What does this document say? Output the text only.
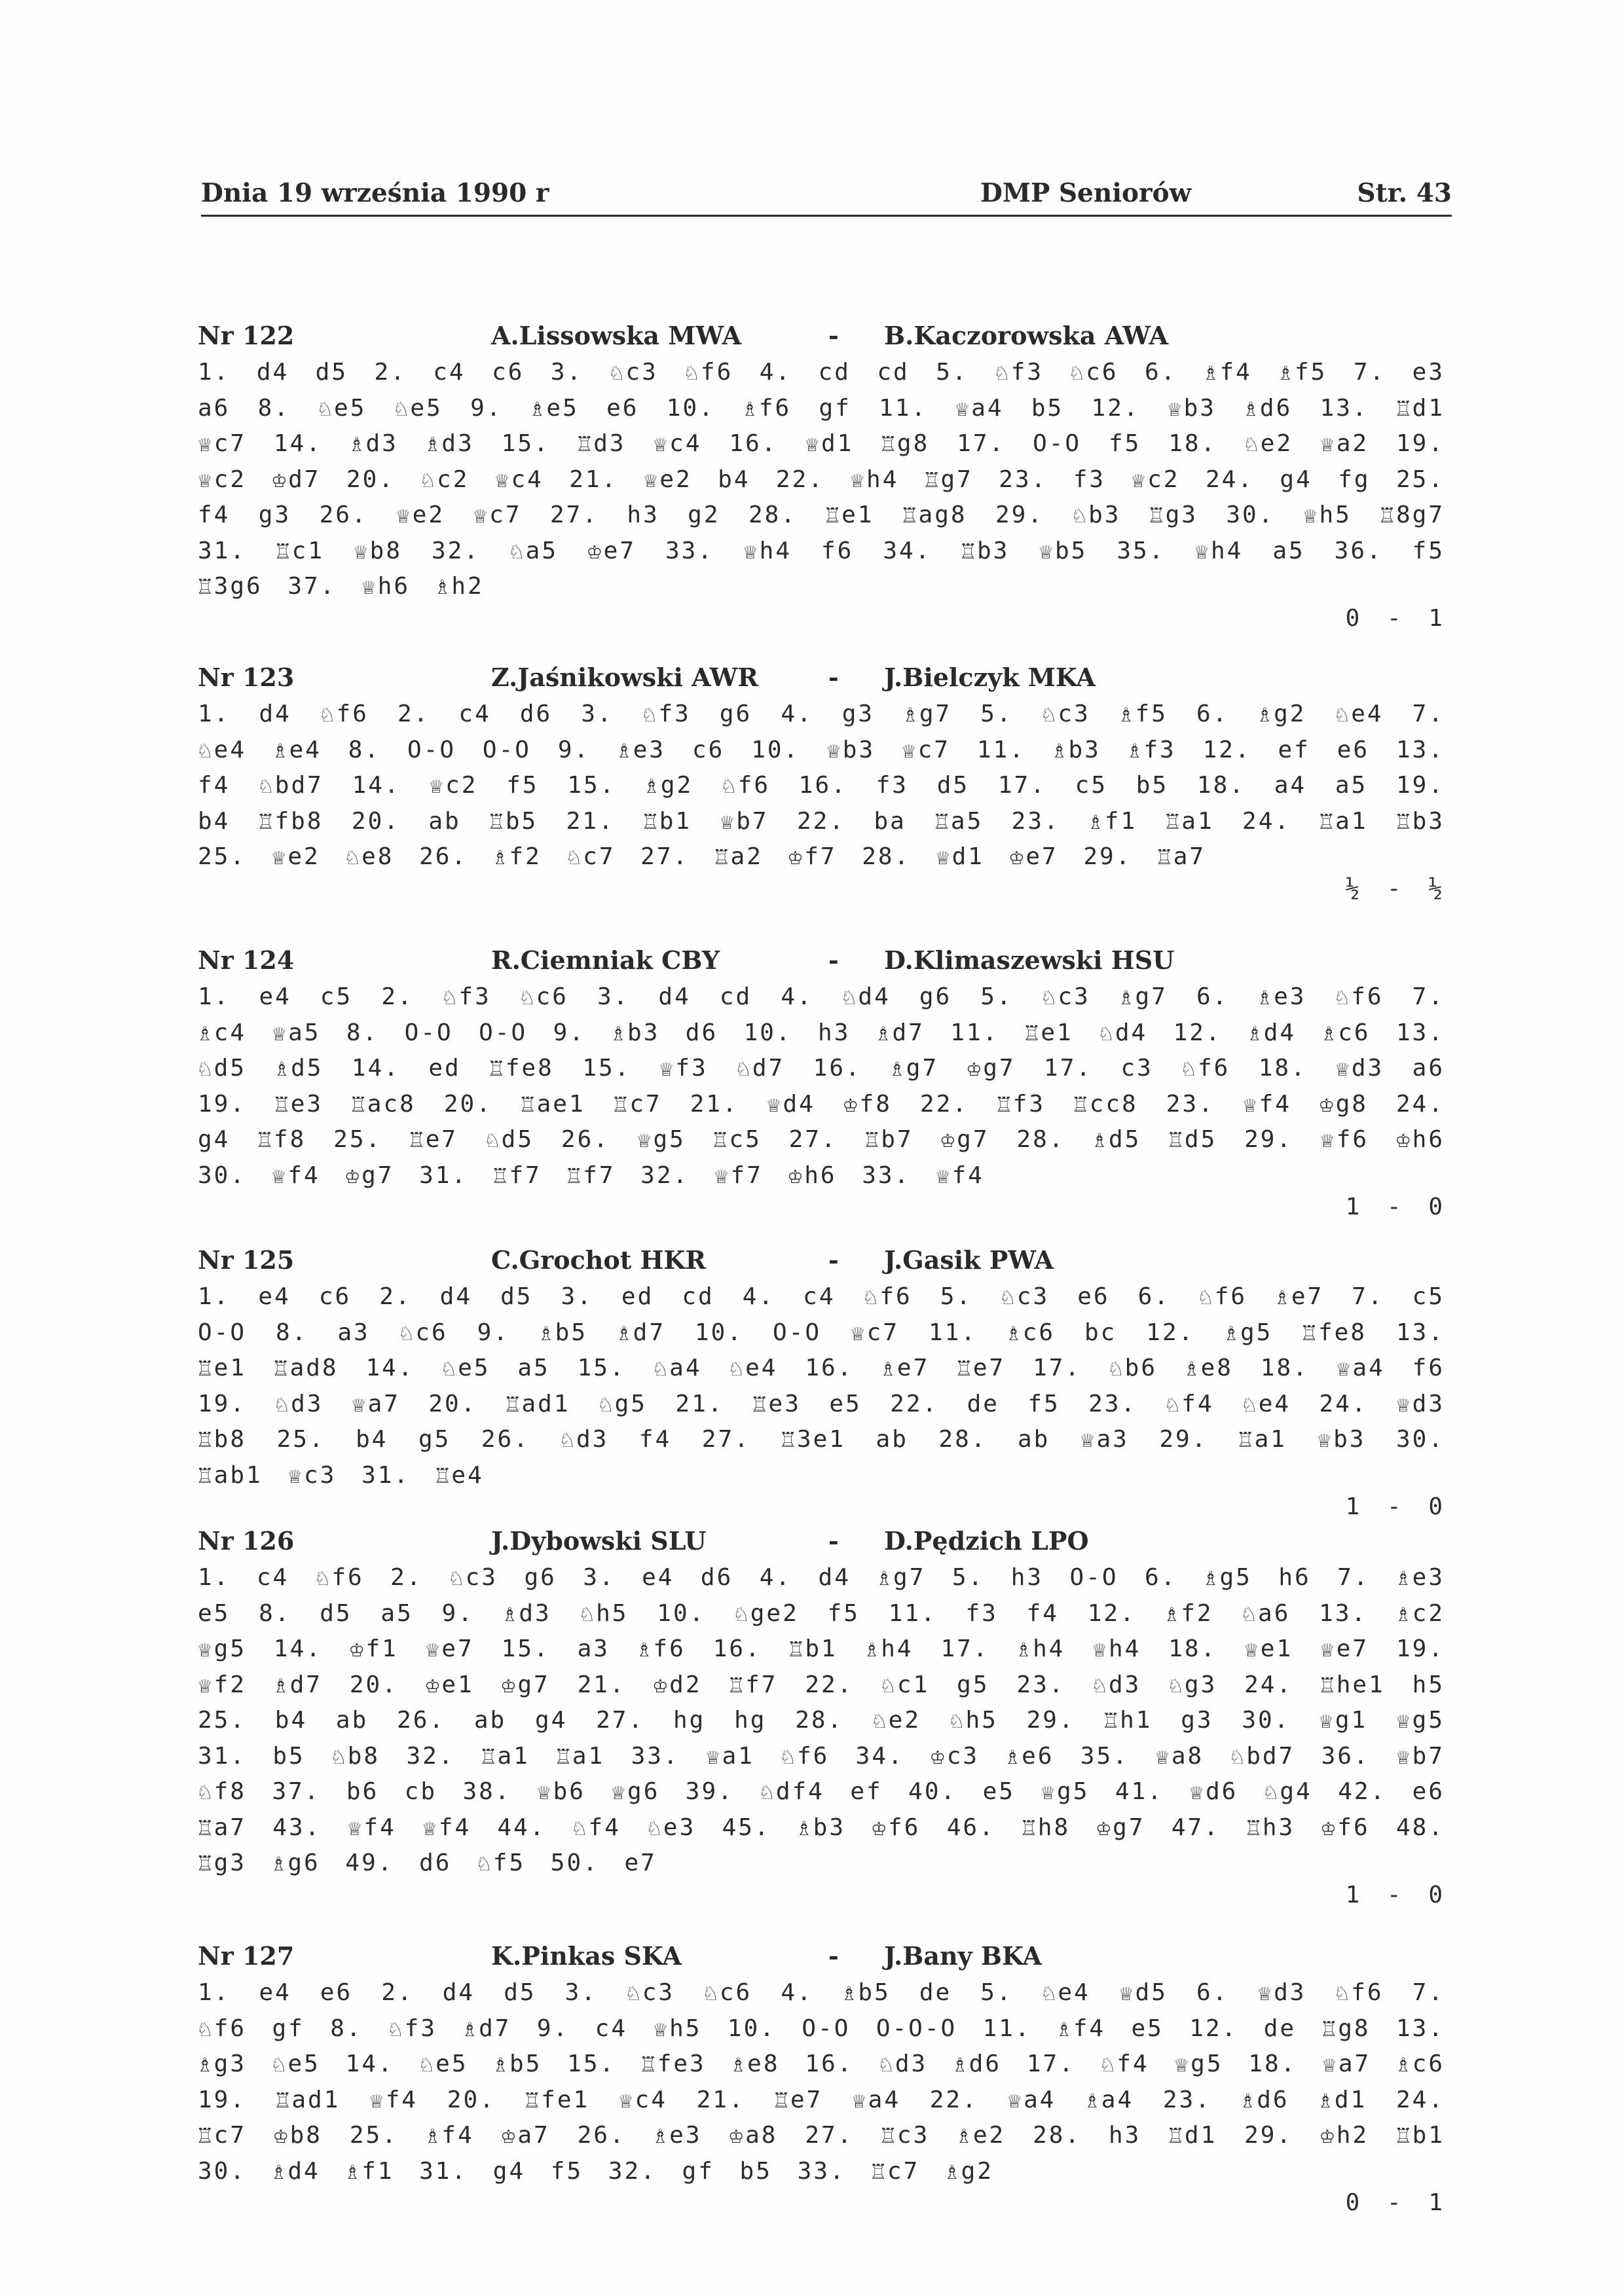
Dnia 19 września 1990 r	DMP Seniorów	Str. 43
Nr 122	A.Lissowska MWA	- B.Kaczorowska AWA
1. d4 d5 2. c4 c6 3. ♘c3 ♘f6 4. cd cd 5. ♘f3 ♘c6 6. ♗f4 ♗f5 7. e3 a6 8. ♘e5 ♘e5 9. ♗e5 e6 10. ♗f6 gf 11. ♕a4 b5 12. ♕b3 ♗d6 13. ♖d1 ♕c7 14. ♗d3 ♗d3 15. ♖d3 ♕c4 16. ♕d1 ♖g8 17. O-O f5 18. ♘e2 ♕a2 19. ♕c2 ♔d7 20. ♘c2 ♕c4 21. ♕e2 b4 22. ♕h4 ♖g7 23. f3 ♕c2 24. g4 fg 25. f4 g3 26. ♕e2 ♕c7 27. h3 g2 28. ♖e1 ♖ag8 29. ♘b3 ♖g3 30. ♕h5 ♖8g7 31. ♖c1 ♕b8 32. ♘a5 ♔e7 33. ♕h4 f6 34. ♖b3 ♕b5 35. ♕h4 a5 36. f5 ♖3g6 37. ♕h6 ♗h2
0 - 1
Nr 123	Z.Jaśnikowski AWR	- J.Bielczyk MKA
1. d4 ♘f6 2. c4 d6 3. ♘f3 g6 4. g3 ♗g7 5. ♘c3 ♗f5 6. ♗g2 ♘e4 7. ♘e4 ♗e4 8. O-O O-O 9. ♗e3 c6 10. ♕b3 ♕c7 11. ♗b3 ♗f3 12. ef e6 13. f4 ♘bd7 14. ♕c2 f5 15. ♗g2 ♘f6 16. f3 d5 17. c5 b5 18. a4 a5 19. b4 ♖fb8 20. ab ♖b5 21. ♖b1 ♕b7 22. ba ♖a5 23. ♗f1 ♖a1 24. ♖a1 ♖b3 25. ♕e2 ♘e8 26. ♗f2 ♘c7 27. ♖a2 ♔f7 28. ♕d1 ♔e7 29. ♖a7
½ - ½
Nr 124	R.Ciemniak CBY	- D.Klimaszewski HSU
1. e4 c5 2. ♘f3 ♘c6 3. d4 cd 4. ♘d4 g6 5. ♘c3 ♗g7 6. ♗e3 ♘f6 7. ♗c4 ♕a5 8. O-O O-O 9. ♗b3 d6 10. h3 ♗d7 11. ♖e1 ♘d4 12. ♗d4 ♗c6 13. ♘d5 ♗d5 14. ed ♖fe8 15. ♕f3 ♘d7 16. ♗g7 ♔g7 17. c3 ♘f6 18. ♕d3 a6 19. ♖e3 ♖ac8 20. ♖ae1 ♖c7 21. ♕d4 ♔f8 22. ♖f3 ♖cc8 23. ♕f4 ♔g8 24. g4 ♖f8 25. ♖e7 ♘d5 26. ♕g5 ♖c5 27. ♖b7 ♔g7 28. ♗d5 ♖d5 29. ♕f6 ♔h6 30. ♕f4 ♔g7 31. ♖f7 ♖f7 32. ♕f7 ♔h6 33. ♕f4
1 - 0
Nr 125	C.Grochot HKR	- J.Gasik PWA
1. e4 c6 2. d4 d5 3. ed cd 4. c4 ♘f6 5. ♘c3 e6 6. ♘f6 ♗e7 7. c5 O-O 8. a3 ♘c6 9. ♗b5 ♗d7 10. O-O ♕c7 11. ♗c6 bc 12. ♗g5 ♖fe8 13. ♖e1 ♖ad8 14. ♘e5 a5 15. ♘a4 ♘e4 16. ♗e7 ♖e7 17. ♘b6 ♗e8 18. ♕a4 f6 19. ♘d3 ♕a7 20. ♖ad1 ♘g5 21. ♖e3 e5 22. de f5 23. ♘f4 ♘e4 24. ♕d3 ♖b8 25. b4 g5 26. ♘d3 f4 27. ♖3e1 ab 28. ab ♕a3 29. ♖a1 ♕b3 30. ♖ab1 ♕c3 31. ♖e4
1 - 0
Nr 126	J.Dybowski SLU	- D.Pędzich LPO
1. c4 ♘f6 2. ♘c3 g6 3. e4 d6 4. d4 ♗g7 5. h3 O-O 6. ♗g5 h6 7. ♗e3 e5 8. d5 a5 9. ♗d3 ♘h5 10. ♘ge2 f5 11. f3 f4 12. ♗f2 ♘a6 13. ♗c2 ♕g5 14. ♔f1 ♕e7 15. a3 ♗f6 16. ♖b1 ♗h4 17. ♗h4 ♕h4 18. ♕e1 ♕e7 19. ♕f2 ♗d7 20. ♔e1 ♔g7 21. ♔d2 ♖f7 22. ♘c1 g5 23. ♘d3 ♘g3 24. ♖he1 h5 25. b4 ab 26. ab g4 27. hg hg 28. ♘e2 ♘h5 29. ♖h1 g3 30. ♕g1 ♕g5 31. b5 ♘b8 32. ♖a1 ♖a1 33. ♕a1 ♘f6 34. ♔c3 ♗e6 35. ♕a8 ♘bd7 36. ♕b7 ♘f8 37. b6 cb 38. ♕b6 ♕g6 39. ♘df4 ef 40. e5 ♕g5 41. ♕d6 ♘g4 42. e6 ♖a7 43. ♕f4 ♕f4 44. ♘f4 ♘e3 45. ♗b3 ♔f6 46. ♖h8 ♔g7 47. ♖h3 ♔f6 48. ♖g3 ♗g6 49. d6 ♘f5 50. e7
1 - 0
Nr 127	K.Pinkas SKA	- J.Bany BKA
1. e4 e6 2. d4 d5 3. ♘c3 ♘c6 4. ♗b5 de 5. ♘e4 ♕d5 6. ♕d3 ♘f6 7. ♘f6 gf 8. ♘f3 ♗d7 9. c4 ♕h5 10. O-O O-O-O 11. ♗f4 e5 12. de ♖g8 13. ♗g3 ♘e5 14. ♘e5 ♗b5 15. ♖fe3 ♗e8 16. ♘d3 ♗d6 17. ♘f4 ♕g5 18. ♕a7 ♗c6 19. ♖ad1 ♕f4 20. ♖fe1 ♕c4 21. ♖e7 ♕a4 22. ♕a4 ♗a4 23. ♗d6 ♗d1 24. ♖c7 ♔b8 25. ♗f4 ♔a7 26. ♗e3 ♔a8 27. ♖c3 ♗e2 28. h3 ♖d1 29. ♔h2 ♖b1 30. ♗d4 ♗f1 31. g4 f5 32. gf b5 33. ♖c7 ♗g2
0 - 1
